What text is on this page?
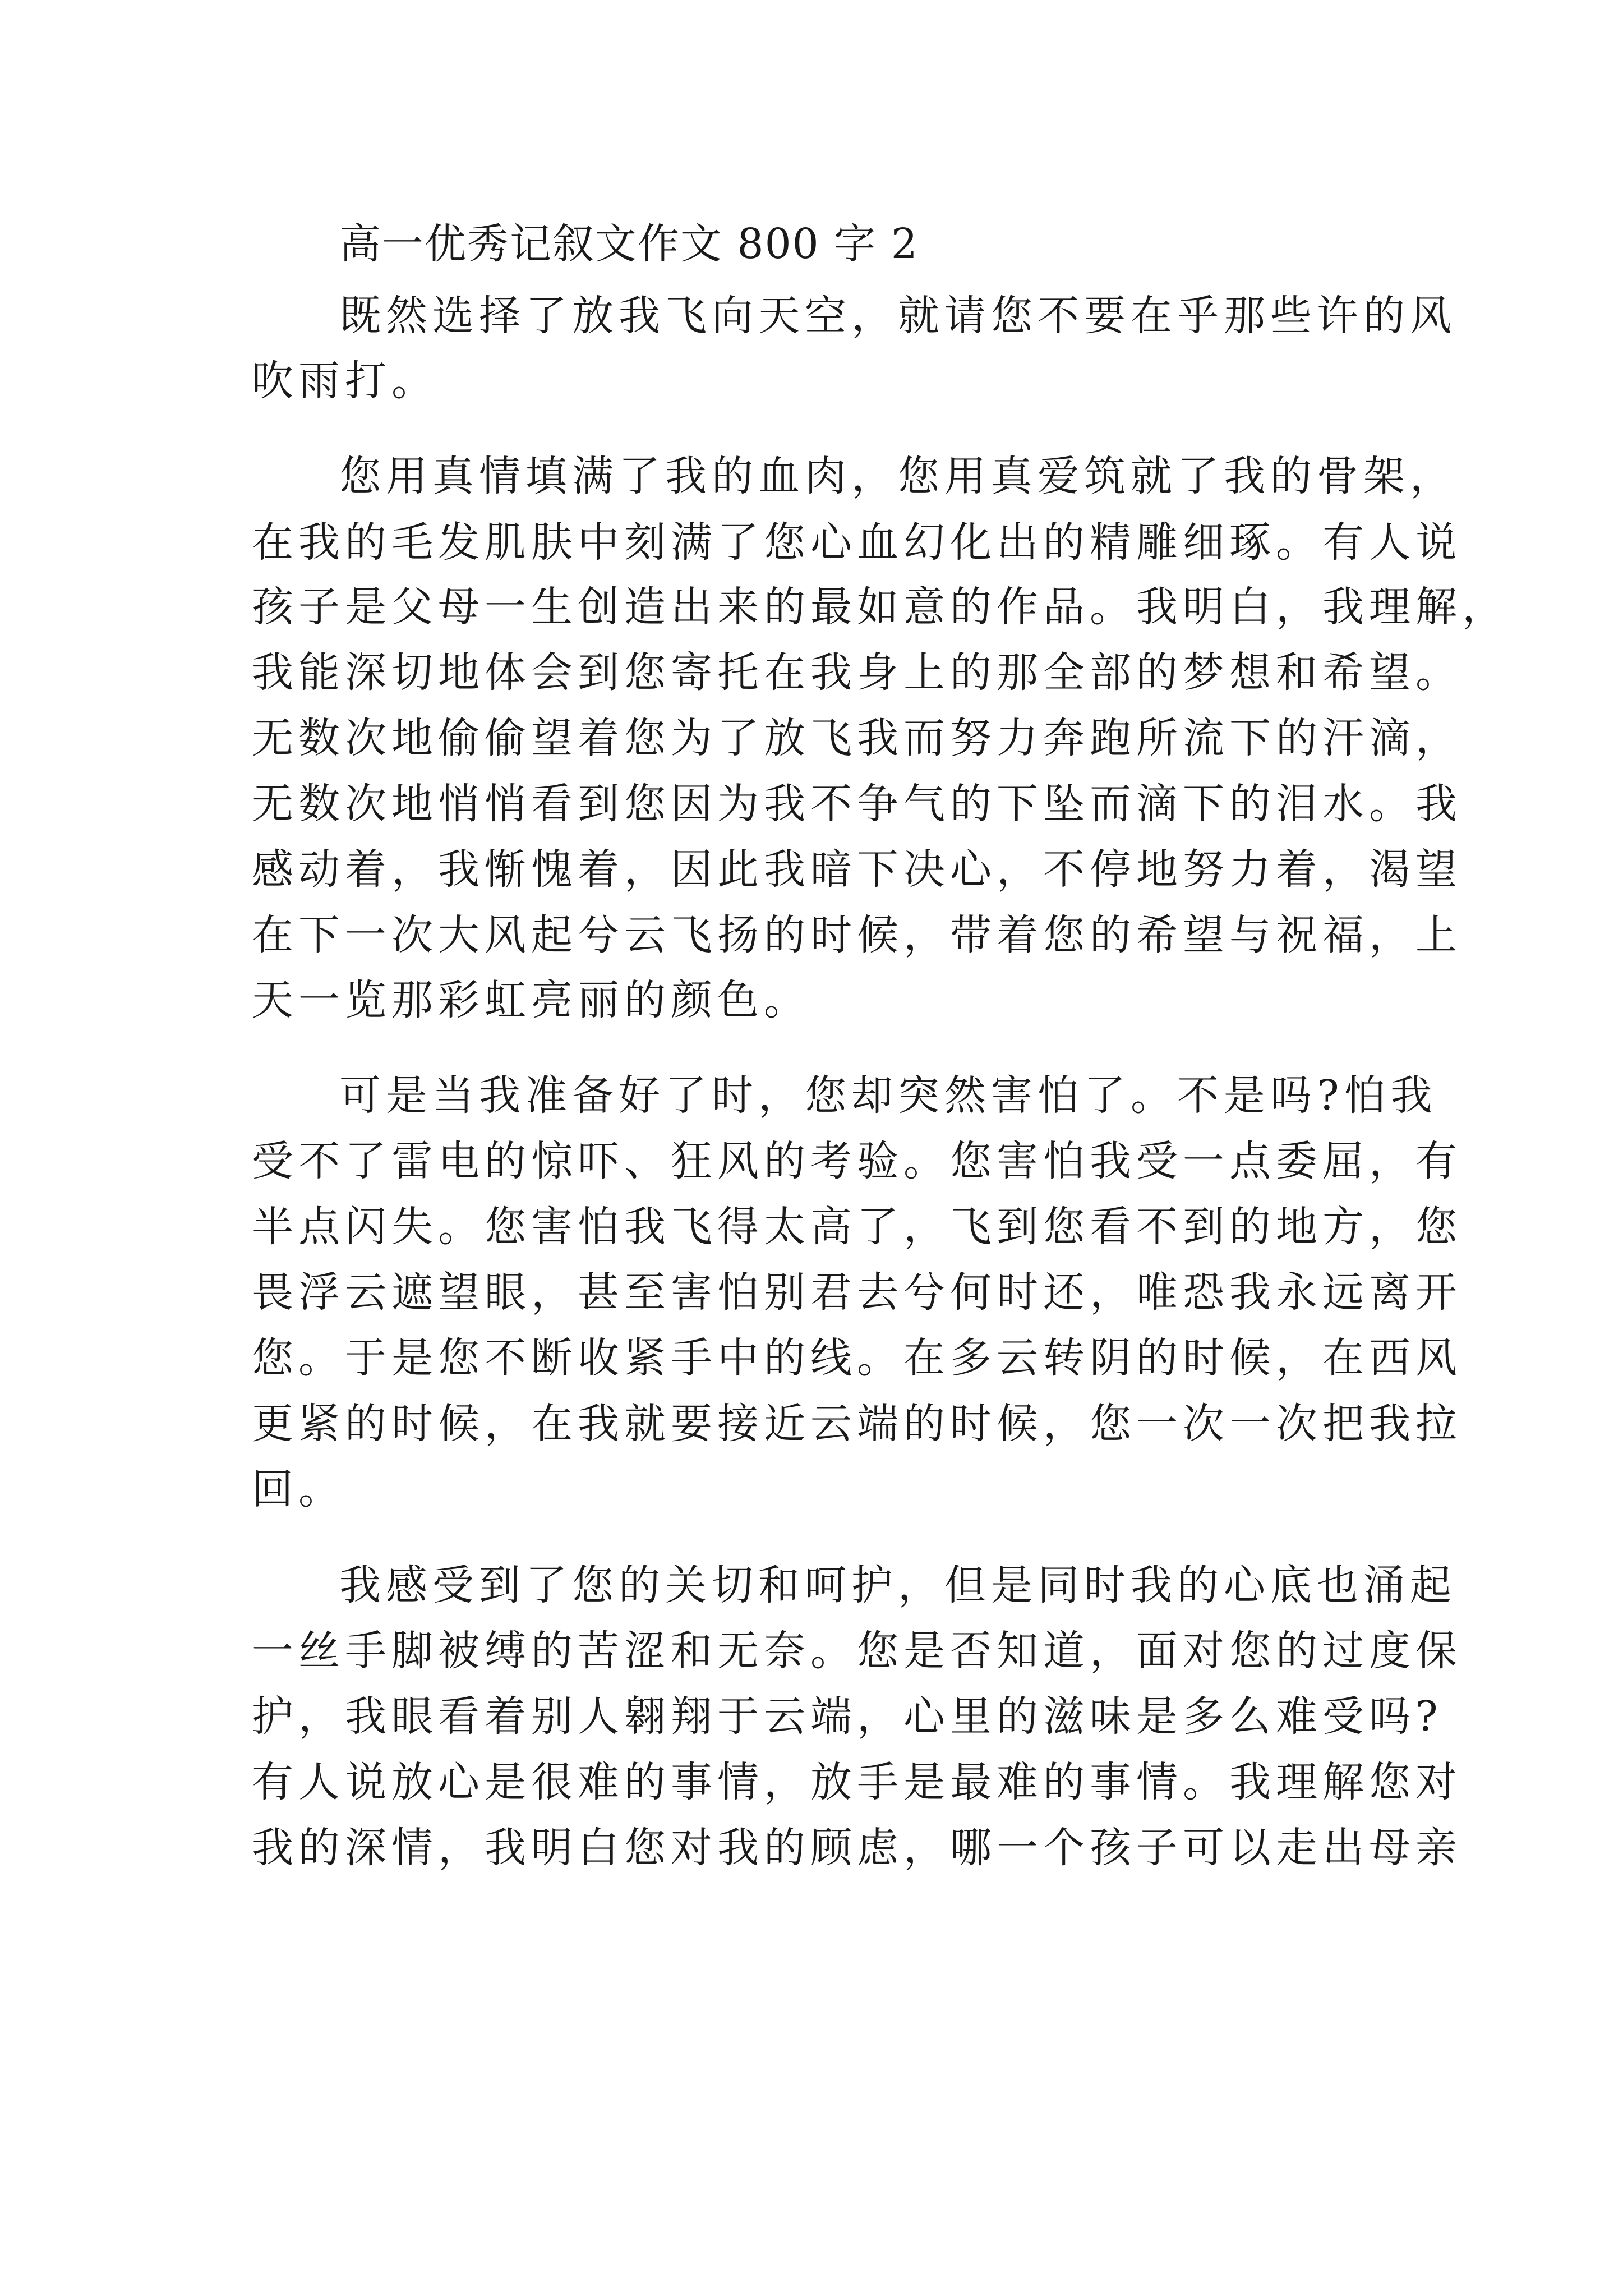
高一优秀记叙文作文 800 字 2
既然选择了放我飞向天空，就请您不要在乎那些许的风
吹雨打。
您用真情填满了我的血肉，您用真爱筑就了我的骨架，
在我的毛发肌肤中刻满了您心血幻化出的精雕细琢。有人说
孩子是父母一生创造出来的最如意的作品。我明白，我理解，
我能深切地体会到您寄托在我身上的那全部的梦想和希望。
无数次地偷偷望着您为了放飞我而努力奔跑所流下的汗滴，
无数次地悄悄看到您因为我不争气的下坠而滴下的泪水。我
感动着，我惭愧着，因此我暗下决心，不停地努力着，渴望
在下一次大风起兮云飞扬的时候，带着您的希望与祝福，上
天一览那彩虹亮丽的颜色。
可是当我准备好了时，您却突然害怕了。不是吗?怕我
受不了雷电的惊吓、狂风的考验。您害怕我受一点委屈，有
半点闪失。您害怕我飞得太高了，飞到您看不到的地方，您
畏浮云遮望眼，甚至害怕别君去兮何时还，唯恐我永远离开
您。于是您不断收紧手中的线。在多云转阴的时候，在西风
更紧的时候，在我就要接近云端的时候，您一次一次把我拉
回。
我感受到了您的关切和呵护，但是同时我的心底也涌起
一丝手脚被缚的苦涩和无奈。您是否知道，面对您的过度保
护，我眼看着别人翱翔于云端，心里的滋味是多么难受吗?
有人说放心是很难的事情，放手是最难的事情。我理解您对
我的深情，我明白您对我的顾虑，哪一个孩子可以走出母亲
